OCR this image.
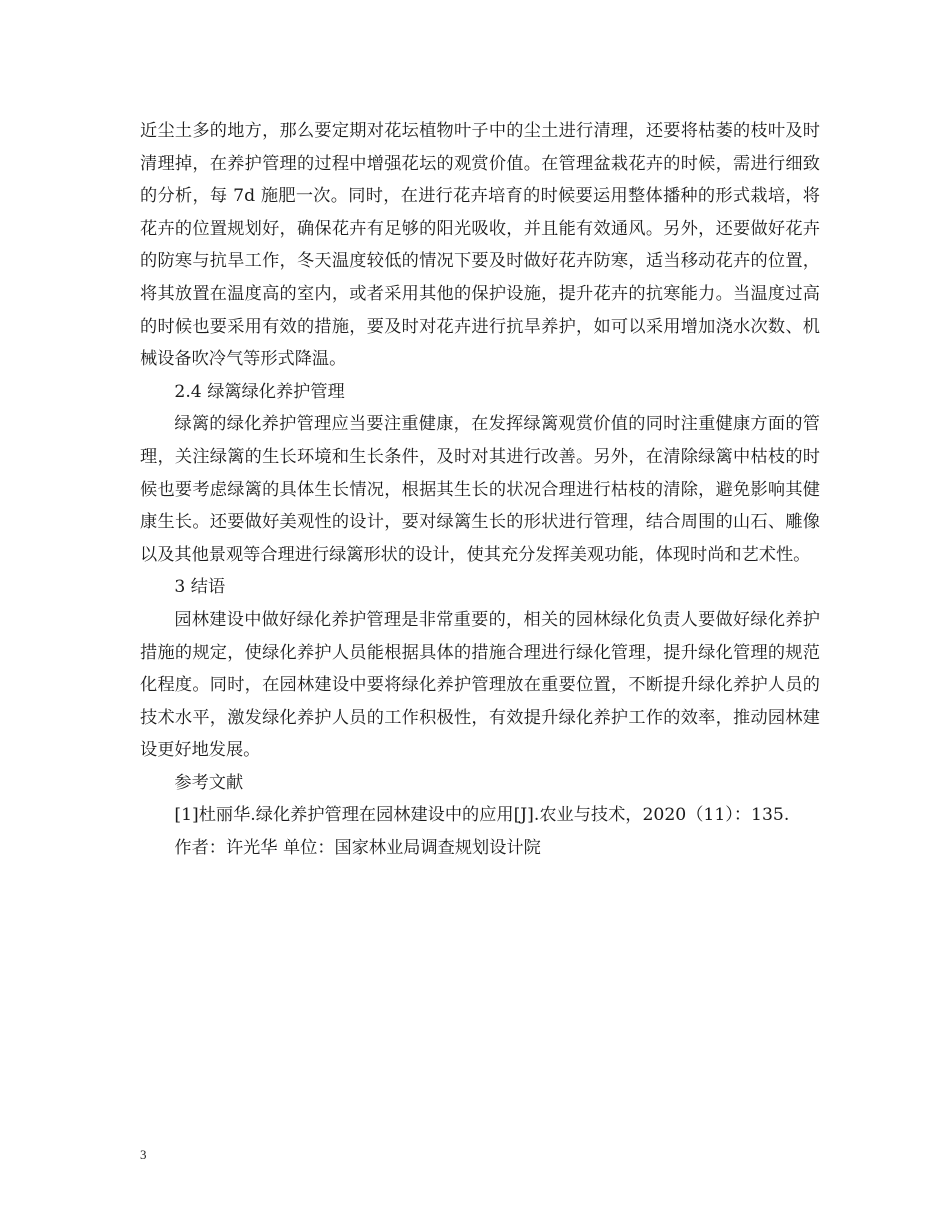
近尘土多的地方，那么要定期对花坛植物叶子中的尘土进行清理，还要将枯萎的枝叶及时清理掉，在养护管理的过程中增强花坛的观赏价值。在管理盆栽花卉的时候，需进行细致的分析，每 7d 施肥一次。同时，在进行花卉培育的时候要运用整体播种的形式栽培，将花卉的位置规划好，确保花卉有足够的阳光吸收，并且能有效通风。另外，还要做好花卉的防寒与抗旱工作，冬天温度较低的情况下要及时做好花卉防寒，适当移动花卉的位置，将其放置在温度高的室内，或者采用其他的保护设施，提升花卉的抗寒能力。当温度过高的时候也要采用有效的措施，要及时对花卉进行抗旱养护，如可以采用增加浇水次数、机械设备吹冷气等形式降温。

2.4 绿篱绿化养护管理

绿篱的绿化养护管理应当要注重健康，在发挥绿篱观赏价值的同时注重健康方面的管理，关注绿篱的生长环境和生长条件，及时对其进行改善。另外，在清除绿篱中枯枝的时候也要考虑绿篱的具体生长情况，根据其生长的状况合理进行枯枝的清除，避免影响其健康生长。还要做好美观性的设计，要对绿篱生长的形状进行管理，结合周围的山石、雕像以及其他景观等合理进行绿篱形状的设计，使其充分发挥美观功能，体现时尚和艺术性。

3 结语

园林建设中做好绿化养护管理是非常重要的，相关的园林绿化负责人要做好绿化养护措施的规定，使绿化养护人员能根据具体的措施合理进行绿化管理，提升绿化管理的规范化程度。同时，在园林建设中要将绿化养护管理放在重要位置，不断提升绿化养护人员的技术水平，激发绿化养护人员的工作积极性，有效提升绿化养护工作的效率，推动园林建设更好地发展。

参考文献

[1]杜丽华.绿化养护管理在园林建设中的应用[J].农业与技术，2020（11）：135.

作者：许光华 单位：国家林业局调查规划设计院

3
